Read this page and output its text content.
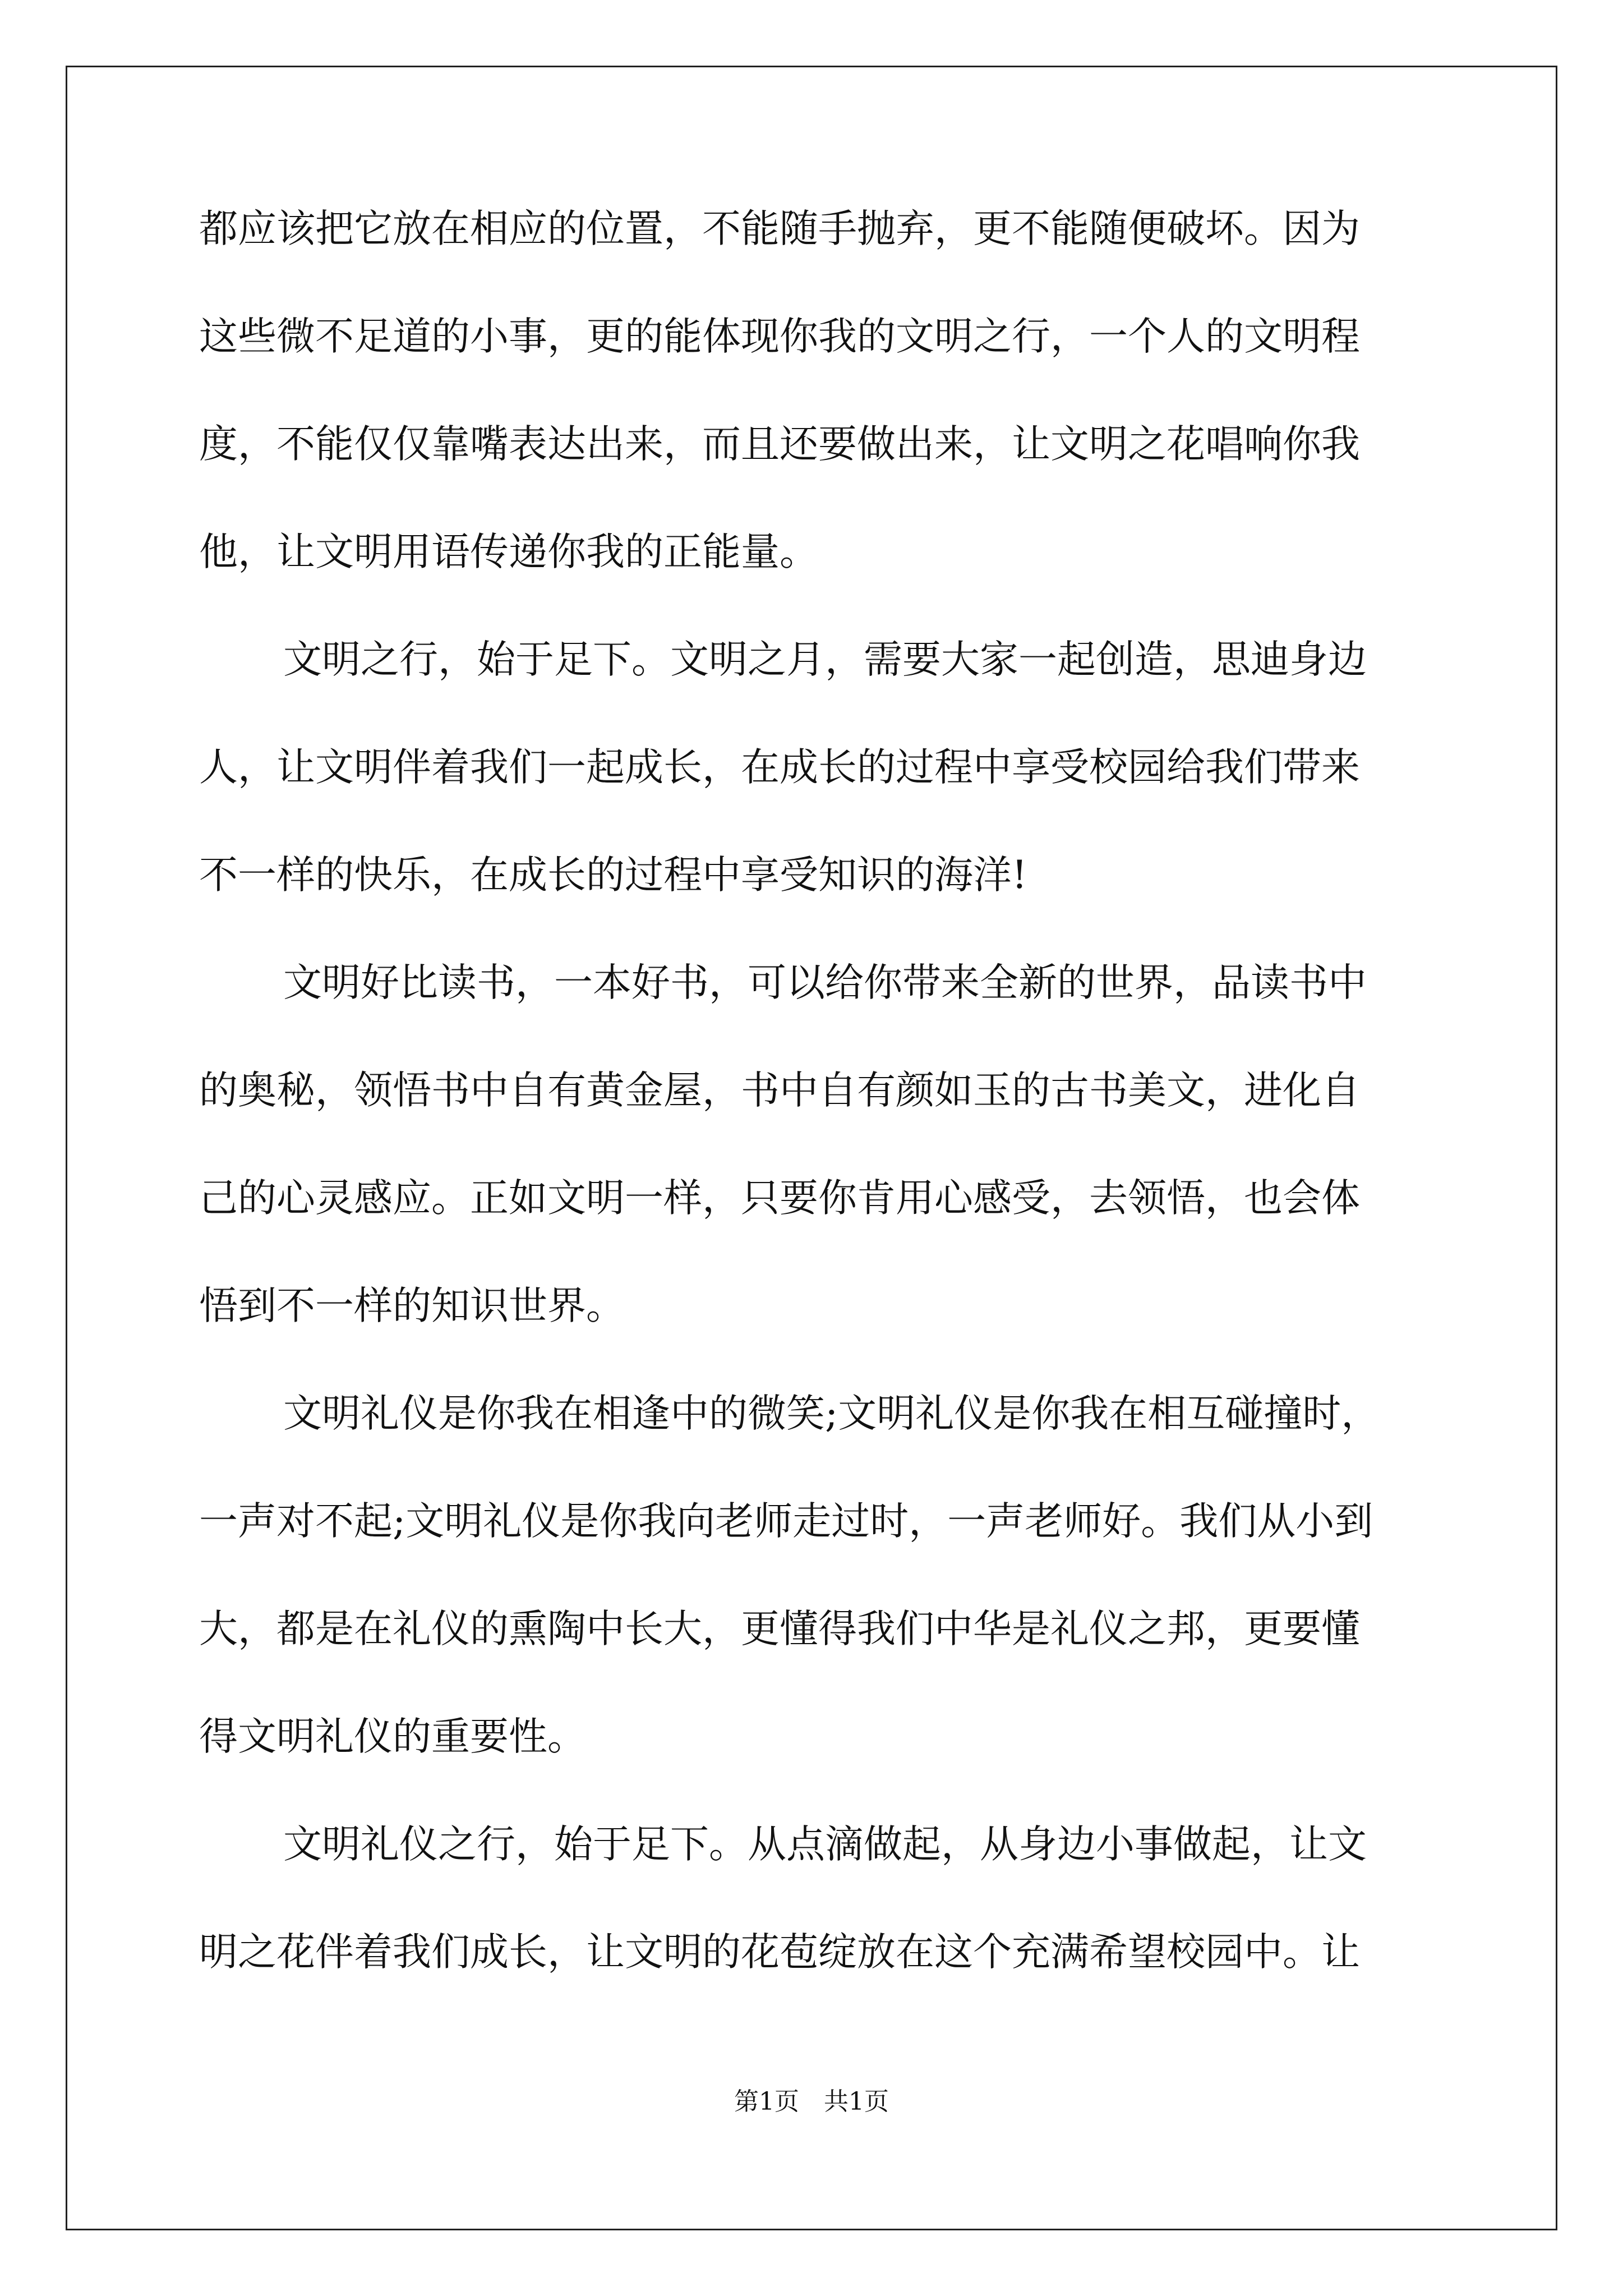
都应该把它放在相应的位置，不能随手抛弃，更不能随便破坏。因为
这些微不足道的小事，更的能体现你我的文明之行，一个人的文明程
度，不能仅仅靠嘴表达出来，而且还要做出来，让文明之花唱响你我
他，让文明用语传递你我的正能量。
文明之行，始于足下。文明之月，需要大家一起创造，思迪身边
人，让文明伴着我们一起成长，在成长的过程中享受校园给我们带来
不一样的快乐，在成长的过程中享受知识的海洋!
文明好比读书，一本好书，可以给你带来全新的世界，品读书中
的奥秘，领悟书中自有黄金屋，书中自有颜如玉的古书美文，进化自
己的心灵感应。正如文明一样，只要你肯用心感受，去领悟，也会体
悟到不一样的知识世界。
文明礼仪是你我在相逢中的微笑;文明礼仪是你我在相互碰撞时，
一声对不起;文明礼仪是你我向老师走过时，一声老师好。我们从小到
大，都是在礼仪的熏陶中长大，更懂得我们中华是礼仪之邦，更要懂
得文明礼仪的重要性。
文明礼仪之行，始于足下。从点滴做起，从身边小事做起，让文
明之花伴着我们成长，让文明的花苞绽放在这个充满希望校园中。让
第1页　共1页
